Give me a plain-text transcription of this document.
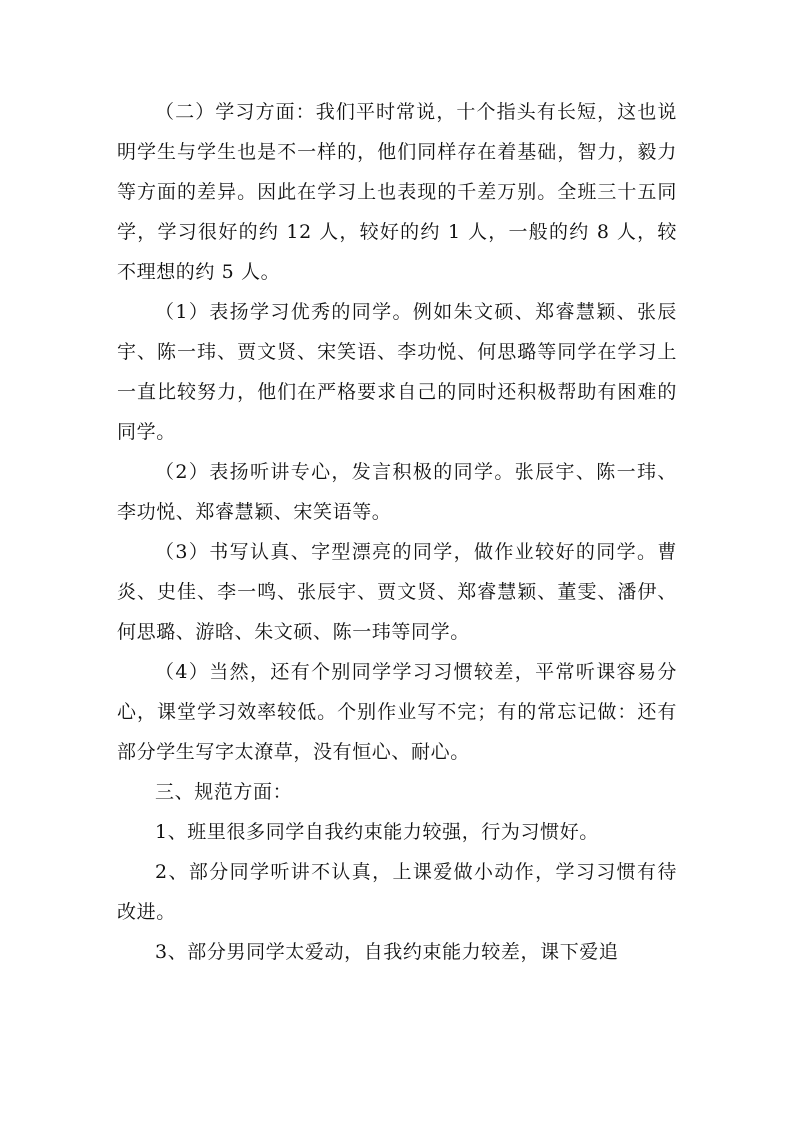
（二）学习方面：我们平时常说，十个指头有长短，这也说明学生与学生也是不一样的，他们同样存在着基础，智力，毅力等方面的差异。因此在学习上也表现的千差万别。全班三十五同学，学习很好的约 12 人，较好的约 1 人，一般的约 8 人，较不理想的约 5 人。

（1）表扬学习优秀的同学。例如朱文硕、郑睿慧颖、张辰宇、陈一玮、贾文贤、宋笑语、李功悦、何思璐等同学在学习上一直比较努力，他们在严格要求自己的同时还积极帮助有困难的同学。

（2）表扬听讲专心，发言积极的同学。张辰宇、陈一玮、李功悦、郑睿慧颖、宋笑语等。

（3）书写认真、字型漂亮的同学，做作业较好的同学。曹炎、史佳、李一鸣、张辰宇、贾文贤、郑睿慧颖、董雯、潘伊、何思璐、游晗、朱文硕、陈一玮等同学。

（4）当然，还有个别同学学习习惯较差，平常听课容易分心，课堂学习效率较低。个别作业写不完；有的常忘记做：还有部分学生写字太潦草，没有恒心、耐心。

三、规范方面：

1、班里很多同学自我约束能力较强，行为习惯好。

2、部分同学听讲不认真，上课爱做小动作，学习习惯有待改进。

3、部分男同学太爱动，自我约束能力较差，课下爱追
